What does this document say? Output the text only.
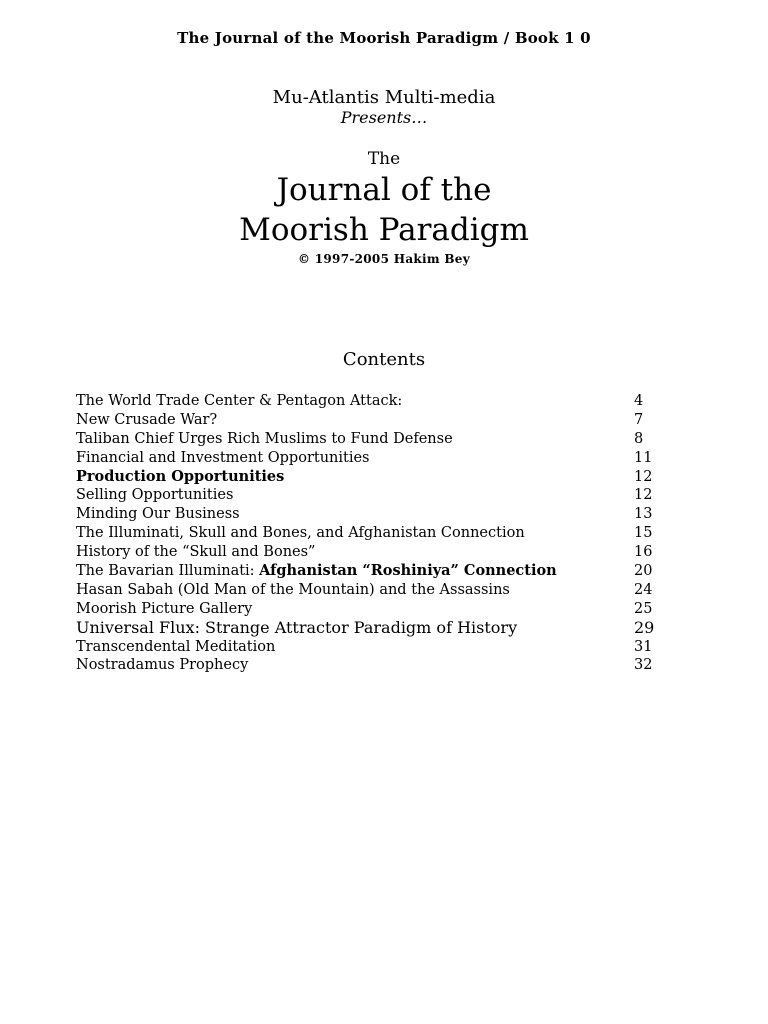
The Journal of the Moorish Paradigm / Book 1 0
Mu-Atlantis Multi-media
Presents…
The
Journal of the
Moorish Paradigm
© 1997-2005 Hakim Bey
Contents
The World Trade Center & Pentagon Attack:	4
New Crusade War?	7
Taliban Chief Urges Rich Muslims to Fund Defense	8
Financial and Investment Opportunities	11
Production Opportunities	12
Selling Opportunities	12
Minding Our Business	13
The Illuminati, Skull and Bones, and Afghanistan Connection	15
History of the “Skull and Bones”	16
The Bavarian Illuminati: Afghanistan “Roshiniya” Connection	20
Hasan Sabah (Old Man of the Mountain) and the Assassins	24
Moorish Picture Gallery	25
Universal Flux: Strange Attractor Paradigm of History	29
Transcendental Meditation	31
Nostradamus Prophecy	32
